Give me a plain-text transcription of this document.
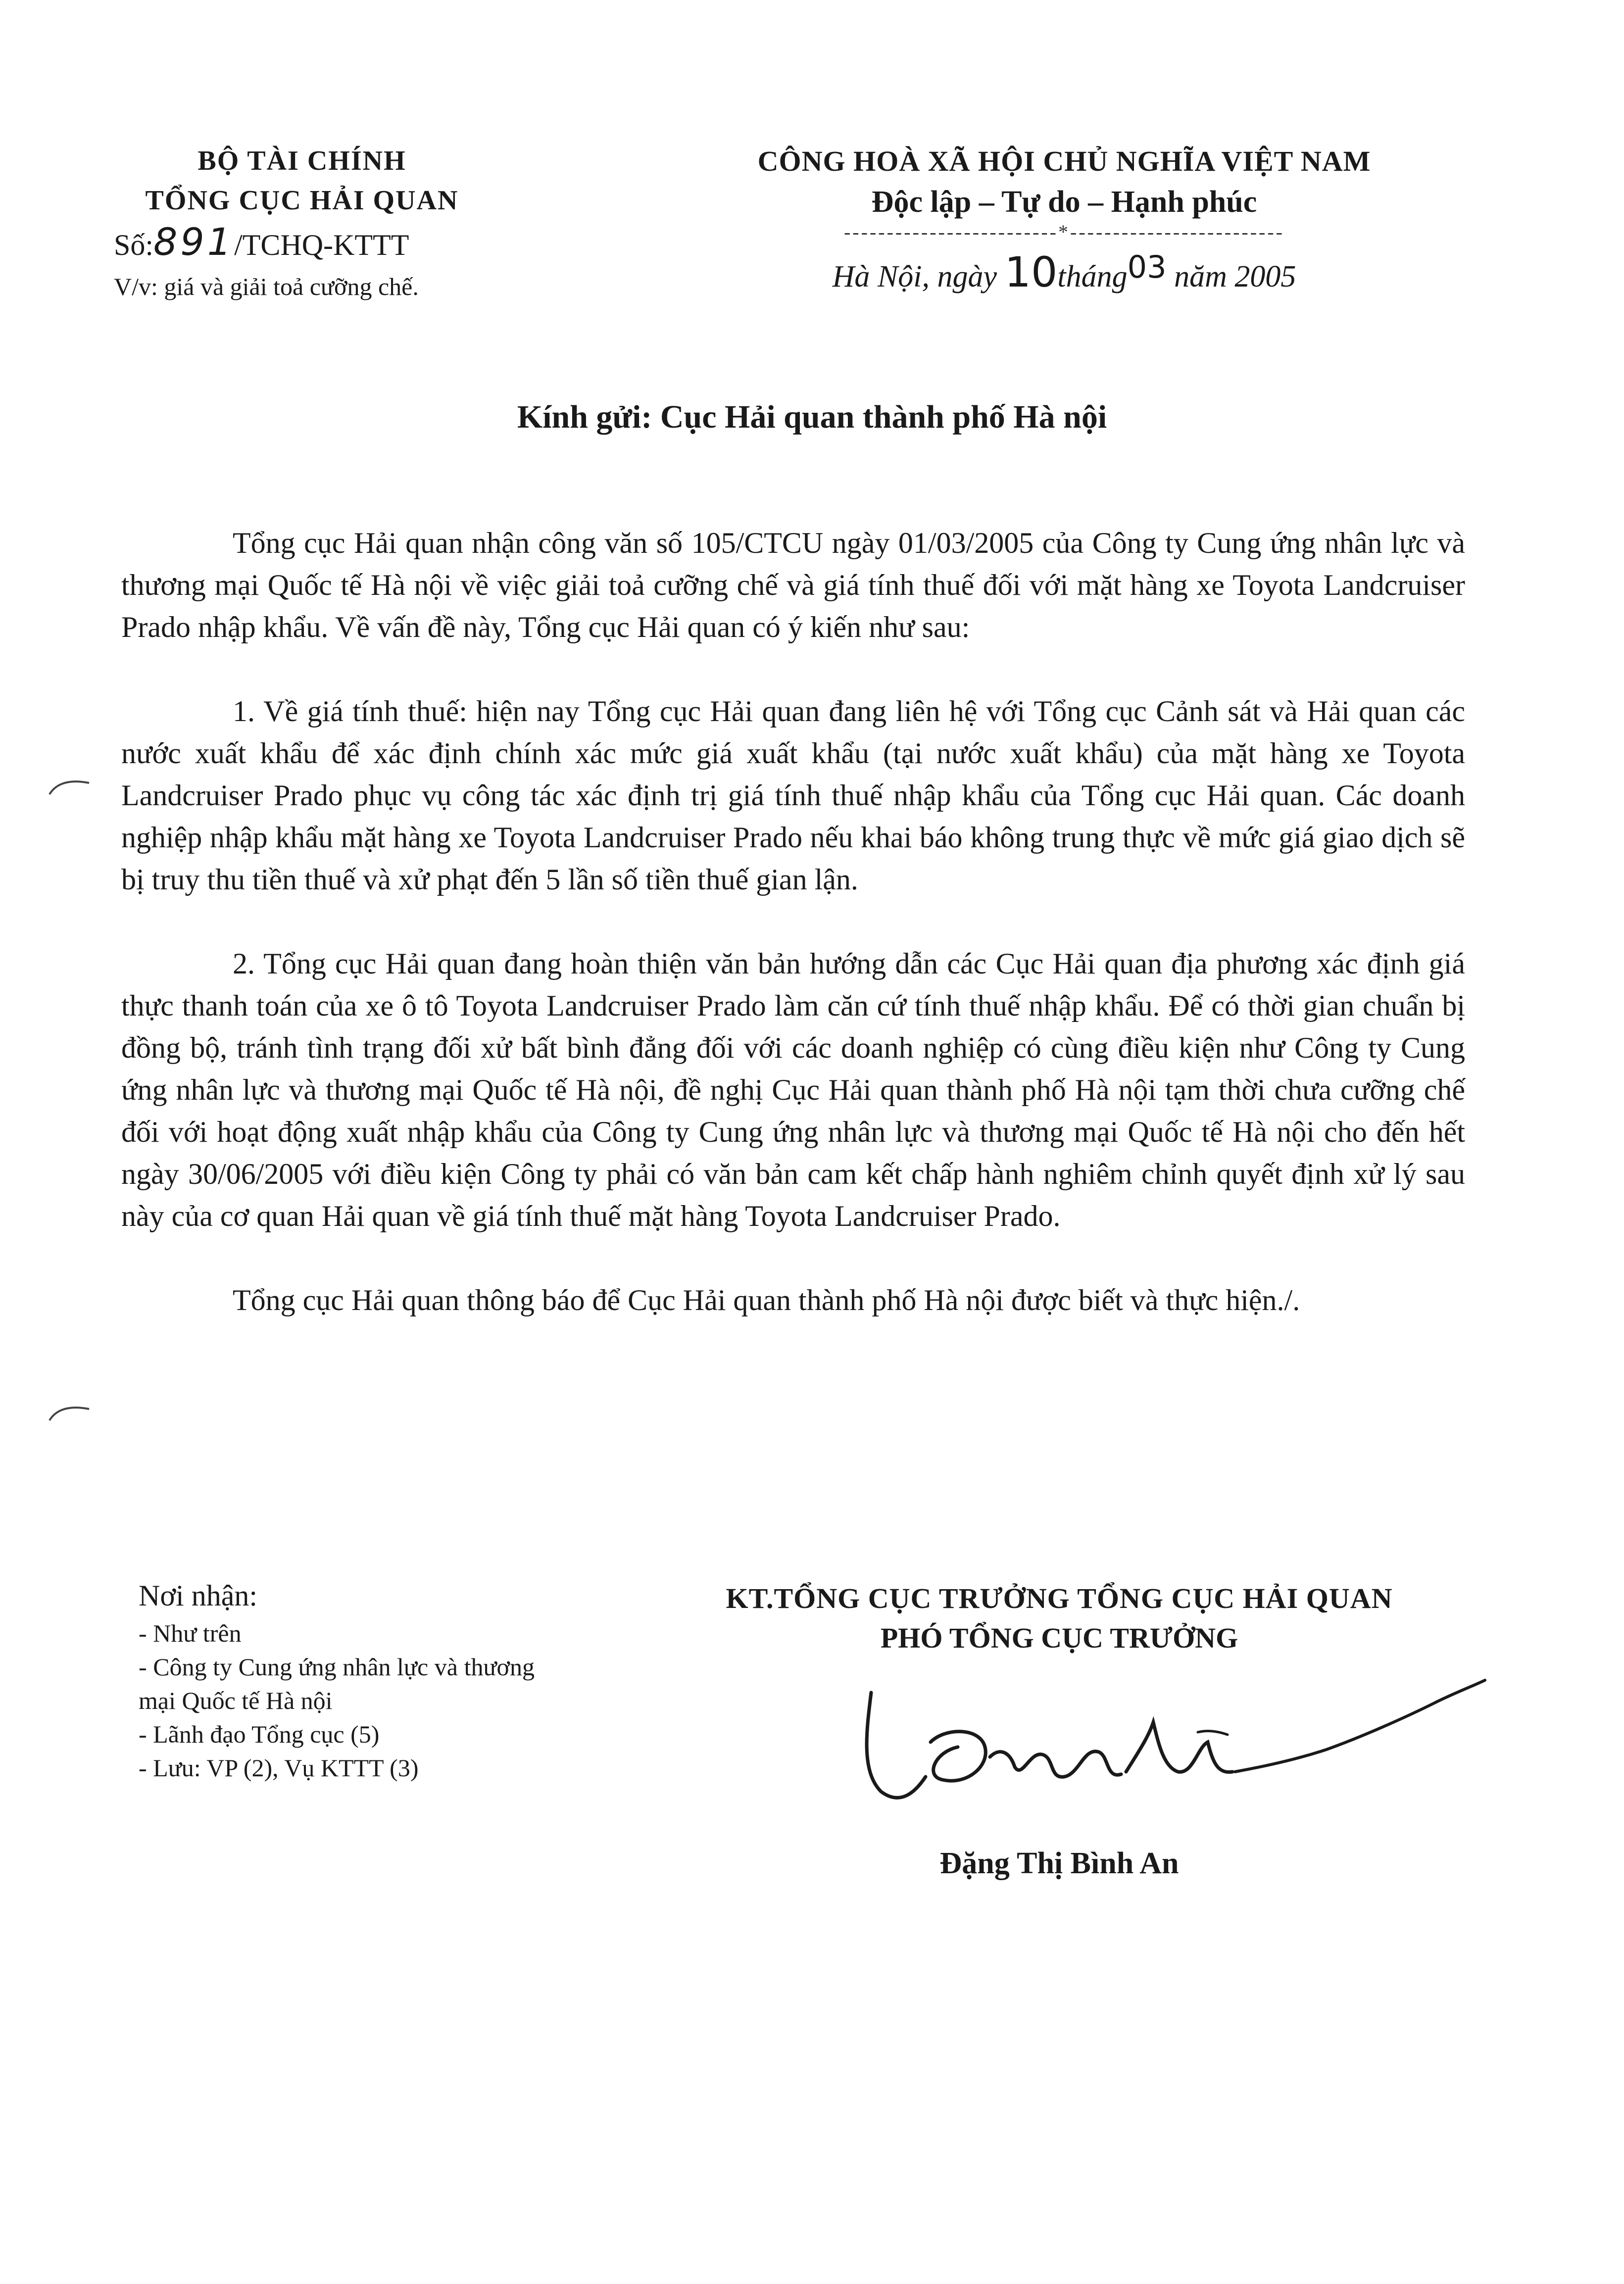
BỘ TÀI CHÍNH
TỔNG CỤC HẢI QUAN
Số:891/TCHQ-KTTT
V/v: giá và giải toả cưỡng chế.
CÔNG HOÀ XÃ HỘI CHỦ NGHĨA VIỆT NAM
Độc lập – Tự do – Hạnh phúc
-------------------------*-------------------------
Hà Nội, ngày 10tháng03 năm 2005
Kính gửi: Cục Hải quan thành phố Hà nội

Tổng cục Hải quan nhận công văn số 105/CTCU ngày 01/03/2005 của Công ty Cung ứng nhân lực và thương mại Quốc tế Hà nội về việc giải toả cưỡng chế và giá tính thuế đối với mặt hàng xe Toyota Landcruiser Prado nhập khẩu. Về vấn đề này, Tổng cục Hải quan có ý kiến như sau:

1. Về giá tính thuế: hiện nay Tổng cục Hải quan đang liên hệ với Tổng cục Cảnh sát và Hải quan các nước xuất khẩu để xác định chính xác mức giá xuất khẩu (tại nước xuất khẩu) của mặt hàng xe Toyota Landcruiser Prado phục vụ công tác xác định trị giá tính thuế nhập khẩu của Tổng cục Hải quan. Các doanh nghiệp nhập khẩu mặt hàng xe Toyota Landcruiser Prado nếu khai báo không trung thực về mức giá giao dịch sẽ bị truy thu tiền thuế và xử phạt đến 5 lần số tiền thuế gian lận.

2. Tổng cục Hải quan đang hoàn thiện văn bản hướng dẫn các Cục Hải quan địa phương xác định giá thực thanh toán của xe ô tô Toyota Landcruiser Prado làm căn cứ tính thuế nhập khẩu. Để có thời gian chuẩn bị đồng bộ, tránh tình trạng đối xử bất bình đẳng đối với các doanh nghiệp có cùng điều kiện như Công ty Cung ứng nhân lực và thương mại Quốc tế Hà nội, đề nghị Cục Hải quan thành phố Hà nội tạm thời chưa cưỡng chế đối với hoạt động xuất nhập khẩu của Công ty Cung ứng nhân lực và thương mại Quốc tế Hà nội cho đến hết ngày 30/06/2005 với điều kiện Công ty phải có văn bản cam kết chấp hành nghiêm chỉnh quyết định xử lý sau này của cơ quan Hải quan về giá tính thuế mặt hàng Toyota Landcruiser Prado.

Tổng cục Hải quan thông báo để Cục Hải quan thành phố Hà nội được biết và thực hiện./.

Nơi nhận:
- Như trên
- Công ty Cung ứng nhân lực và thương mại Quốc tế Hà nội
- Lãnh đạo Tổng cục (5)
- Lưu: VP (2), Vụ KTTT (3)
KT.TỔNG CỤC TRƯỞNG TỔNG CỤC HẢI QUAN
PHÓ TỔNG CỤC TRƯỞNG
Đặng Thị Bình An
